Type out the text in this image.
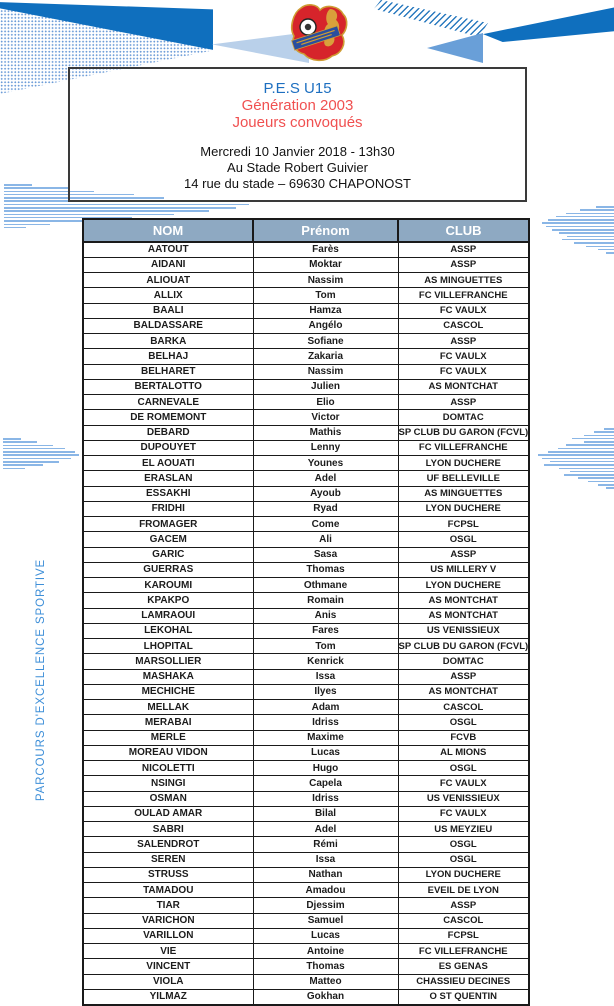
P.E.S U15
Génération 2003
Joueurs convoqués
Mercredi 10 Janvier 2018 - 13h30
Au Stade Robert Guivier
14 rue du stade – 69630 CHAPONOST
PARCOURS D'EXCELLENCE SPORTIVE
NOM	Prénom	CLUB
AATOUT	Farès	ASSP
AIDANI	Moktar	ASSP
ALIOUAT	Nassim	AS MINGUETTES
ALLIX	Tom	FC VILLEFRANCHE
BAALI	Hamza	FC VAULX
BALDASSARE	Angélo	CASCOL
BARKA	Sofiane	ASSP
BELHAJ	Zakaria	FC VAULX
BELHARET	Nassim	FC VAULX
BERTALOTTO	Julien	AS MONTCHAT
CARNEVALE	Elio	ASSP
DE ROMEMONT	Victor	DOMTAC
DEBARD	Mathis	SP CLUB DU GARON (FCVL)
DUPOUYET	Lenny	FC VILLEFRANCHE
EL AOUATI	Younes	LYON DUCHERE
ERASLAN	Adel	UF BELLEVILLE
ESSAKHI	Ayoub	AS MINGUETTES
FRIDHI	Ryad	LYON DUCHERE
FROMAGER	Come	FCPSL
GACEM	Ali	OSGL
GARIC	Sasa	ASSP
GUERRAS	Thomas	US MILLERY V
KAROUMI	Othmane	LYON DUCHERE
KPAKPO	Romain	AS MONTCHAT
LAMRAOUI	Anis	AS MONTCHAT
LEKOHAL	Fares	US VENISSIEUX
LHOPITAL	Tom	SP CLUB DU GARON (FCVL)
MARSOLLIER	Kenrick	DOMTAC
MASHAKA	Issa	ASSP
MECHICHE	Ilyes	AS MONTCHAT
MELLAK	Adam	CASCOL
MERABAI	Idriss	OSGL
MERLE	Maxime	FCVB
MOREAU VIDON	Lucas	AL MIONS
NICOLETTI	Hugo	OSGL
NSINGI	Capela	FC VAULX
OSMAN	Idriss	US VENISSIEUX
OULAD AMAR	Bilal	FC VAULX
SABRI	Adel	US MEYZIEU
SALENDROT	Rémi	OSGL
SEREN	Issa	OSGL
STRUSS	Nathan	LYON DUCHERE
TAMADOU	Amadou	EVEIL DE LYON
TIAR	Djessim	ASSP
VARICHON	Samuel	CASCOL
VARILLON	Lucas	FCPSL
VIE	Antoine	FC VILLEFRANCHE
VINCENT	Thomas	ES GENAS
VIOLA	Matteo	CHASSIEU DECINES
YILMAZ	Gokhan	O ST QUENTIN
